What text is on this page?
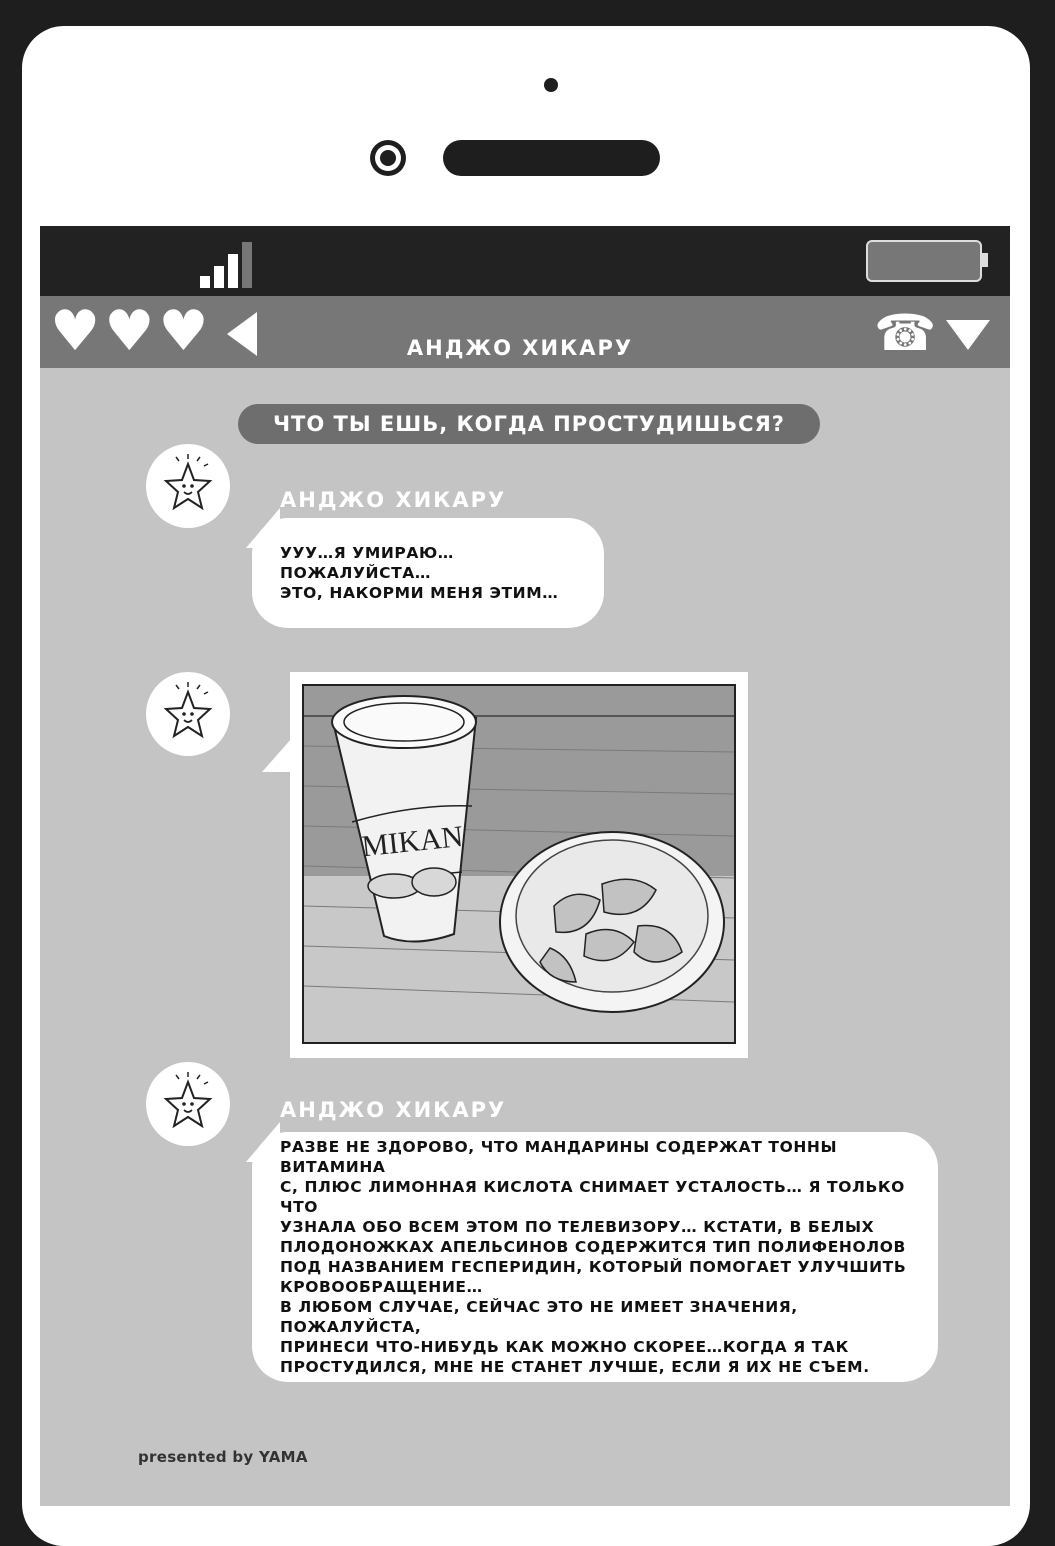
♥♥♥	АНДЖО ХИКАРУ	☎
ЧТО ТЫ ЕШЬ, КОГДА ПРОСТУДИШЬСЯ?
АНДЖО ХИКАРУ
УУУ…Я УМИРАЮ… ПОЖАЛУЙСТА…
ЭТО, НАКОРМИ МЕНЯ ЭТИМ…
MIKAN
АНДЖО ХИКАРУ
РАЗВЕ НЕ ЗДОРОВО, ЧТО МАНДАРИНЫ СОДЕРЖАТ ТОННЫ ВИТАМИНА
С, ПЛЮС ЛИМОННАЯ КИСЛОТА СНИМАЕТ УСТАЛОСТЬ… Я ТОЛЬКО ЧТО
УЗНАЛА ОБО ВСЕМ ЭТОМ ПО ТЕЛЕВИЗОРУ… КСТАТИ, В БЕЛЫХ
ПЛОДОНОЖКАХ АПЕЛЬСИНОВ СОДЕРЖИТСЯ ТИП ПОЛИФЕНОЛОВ
ПОД НАЗВАНИЕМ ГЕСПЕРИДИН, КОТОРЫЙ ПОМОГАЕТ УЛУЧШИТЬ
КРОВООБРАЩЕНИЕ…
В ЛЮБОМ СЛУЧАЕ, СЕЙЧАС ЭТО НЕ ИМЕЕТ ЗНАЧЕНИЯ, ПОЖАЛУЙСТА,
ПРИНЕСИ ЧТО-НИБУДЬ КАК МОЖНО СКОРЕЕ…КОГДА Я ТАК
ПРОСТУДИЛСЯ, МНЕ НЕ СТАНЕТ ЛУЧШЕ, ЕСЛИ Я ИХ НЕ СЪЕМ.
presented by YAMA
